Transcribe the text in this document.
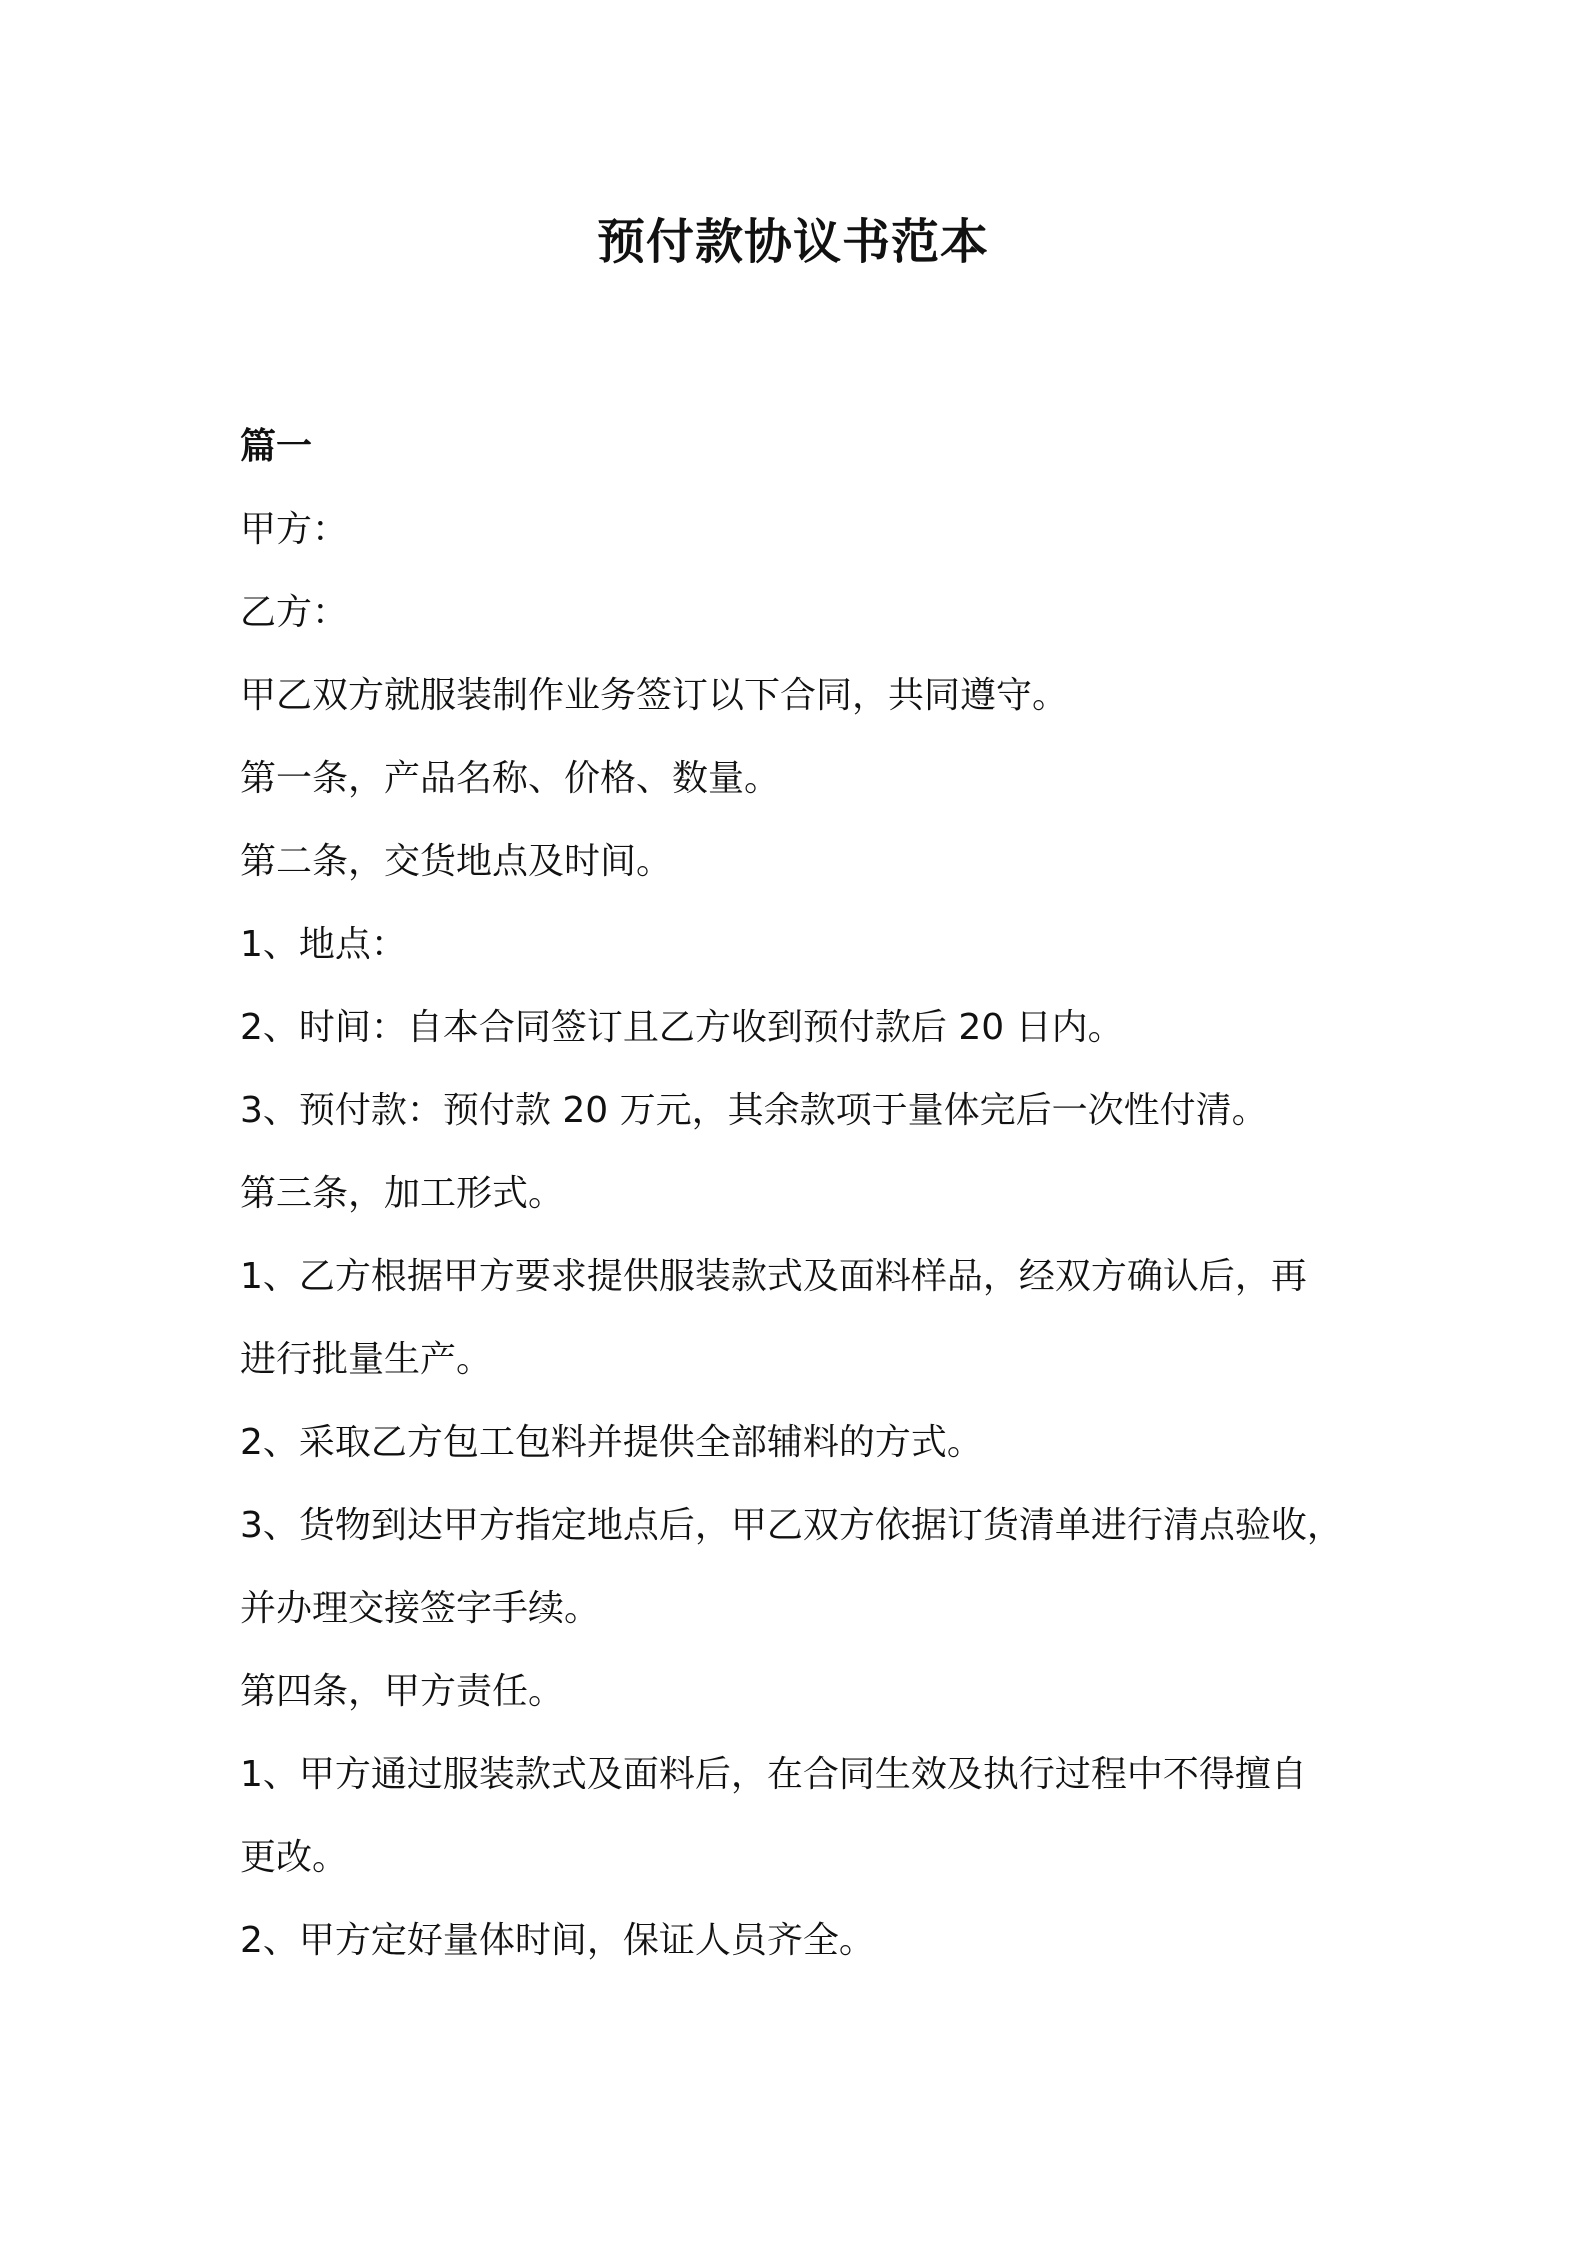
预付款协议书范本

篇一

甲方：

乙方：

甲乙双方就服装制作业务签订以下合同，共同遵守。

第一条，产品名称、价格、数量。

第二条，交货地点及时间。

1、地点：

2、时间：自本合同签订且乙方收到预付款后 20 日内。

3、预付款：预付款 20 万元，其余款项于量体完后一次性付清。

第三条，加工形式。

1、乙方根据甲方要求提供服装款式及面料样品，经双方确认后，再

进行批量生产。

2、采取乙方包工包料并提供全部辅料的方式。

3、货物到达甲方指定地点后，甲乙双方依据订货清单进行清点验收，

并办理交接签字手续。

第四条，甲方责任。

1、甲方通过服装款式及面料后，在合同生效及执行过程中不得擅自

更改。

2、甲方定好量体时间，保证人员齐全。
